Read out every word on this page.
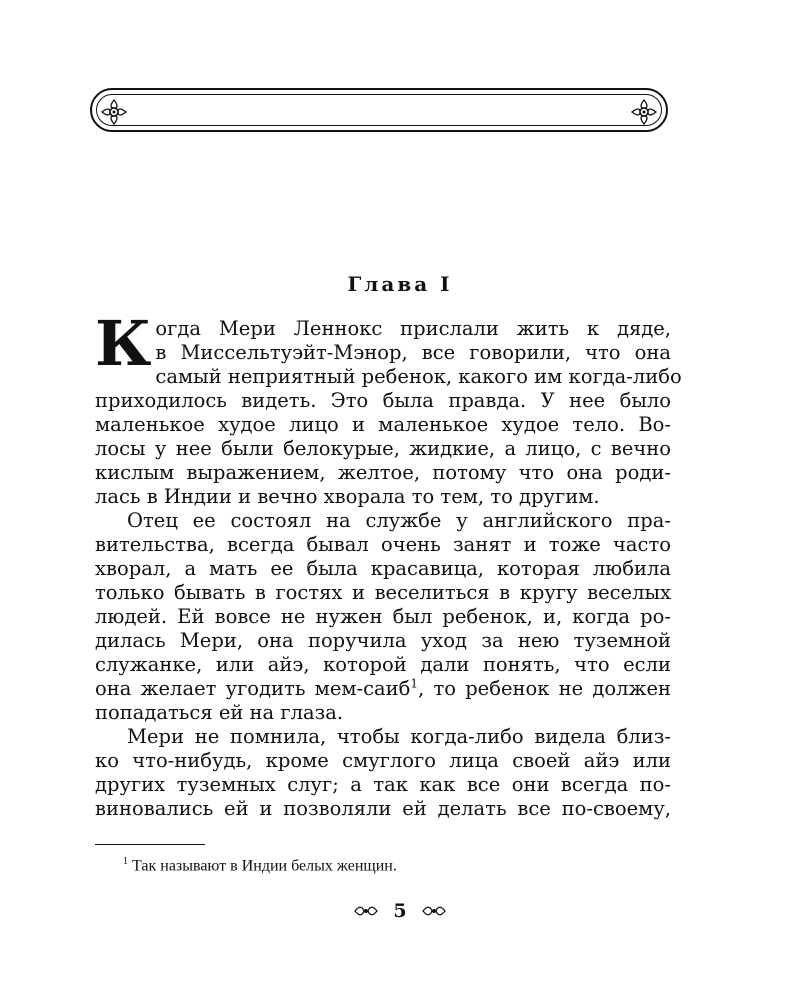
Глава I
К огда Мери Леннокс прислали жить к дяде,
в Миссельтуэйт-Мэнор, все говорили, что она
самый неприятный ребенок, какого им когда-либо
приходилось видеть. Это была правда. У нее было
маленькое худое лицо и маленькое худое тело. Во-
лосы у нее были белокурые, жидкие, а лицо, с вечно
кислым выражением, желтое, потому что она роди-
лась в Индии и вечно хворала то тем, то другим.
Отец ее состоял на службе у английского пра-
вительства, всегда бывал очень занят и тоже часто
хворал, а мать ее была красавица, которая любила
только бывать в гостях и веселиться в кругу веселых
людей. Ей вовсе не нужен был ребенок, и, когда ро-
дилась Мери, она поручила уход за нею туземной
служанке, или айэ, которой дали понять, что если
она желает угодить мем-саиб$^1$, то ребенок не должен
попадаться ей на глаза.
Мери не помнила, чтобы когда-либо видела близ-
ко что-нибудь, кроме смуглого лица своей айэ или
других туземных слуг; а так как все они всегда по-
виновались ей и позволяли ей делать все по-своему,
$^1$ Так называют в Индии белых женщин.
5
